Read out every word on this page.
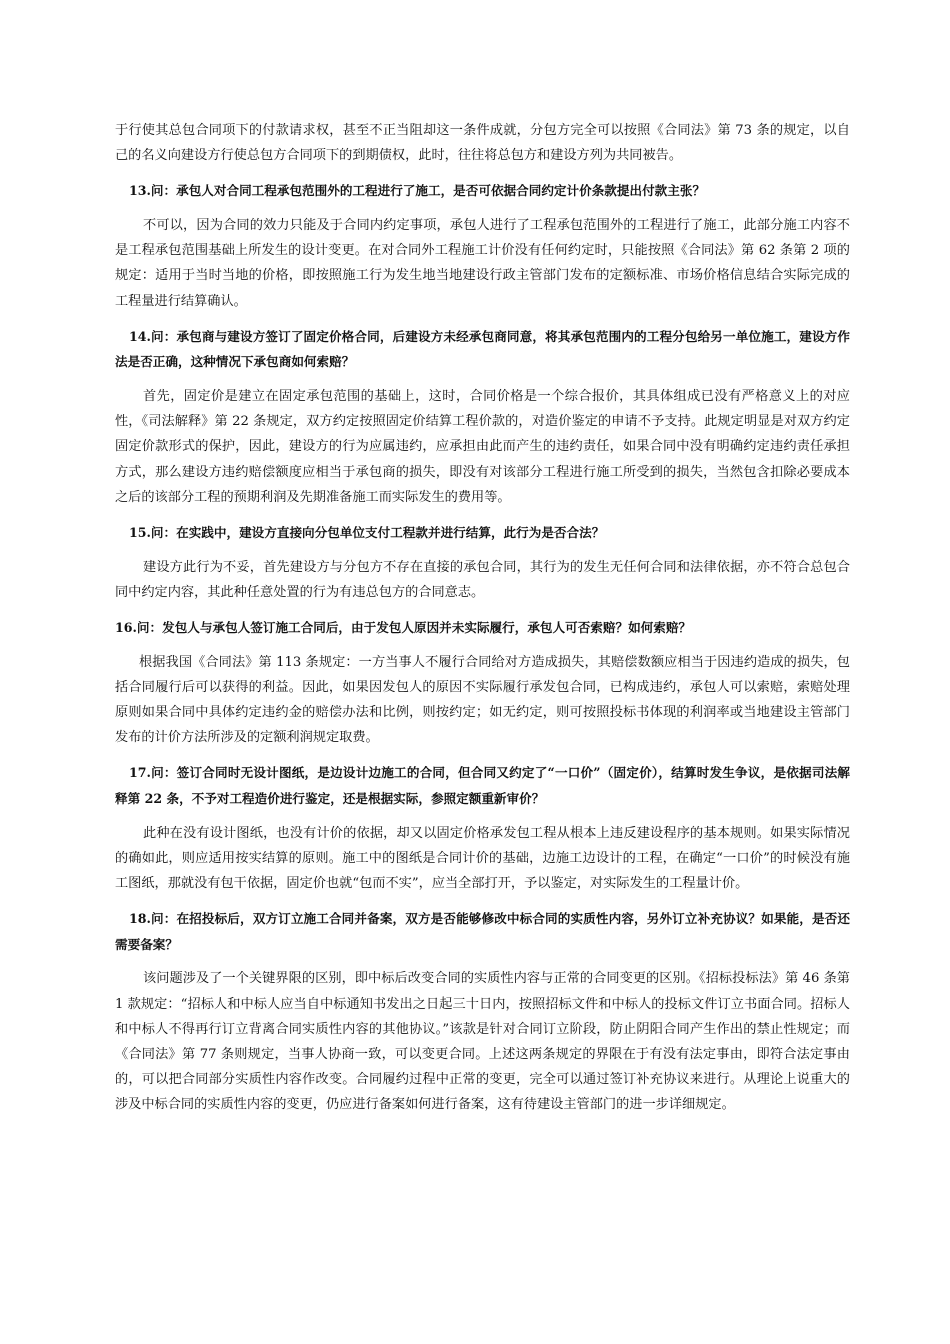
于行使其总包合同项下的付款请求权，甚至不正当阻却这一条件成就，分包方完全可以按照《合同法》第 73 条的规定，以自己的名义向建设方行使总包方合同项下的到期债权，此时，往往将总包方和建设方列为共同被告。

13.问：承包人对合同工程承包范围外的工程进行了施工，是否可依据合同约定计价条款提出付款主张？

不可以，因为合同的效力只能及于合同内约定事项，承包人进行了工程承包范围外的工程进行了施工，此部分施工内容不是工程承包范围基础上所发生的设计变更。在对合同外工程施工计价没有任何约定时，只能按照《合同法》第 62 条第 2 项的规定：适用于当时当地的价格，即按照施工行为发生地当地建设行政主管部门发布的定额标准、市场价格信息结合实际完成的工程量进行结算确认。

14.问：承包商与建设方签订了固定价格合同，后建设方未经承包商同意，将其承包范围内的工程分包给另一单位施工，建设方作法是否正确，这种情况下承包商如何索赔？

首先，固定价是建立在固定承包范围的基础上，这时，合同价格是一个综合报价，其具体组成已没有严格意义上的对应性，《司法解释》第 22 条规定，双方约定按照固定价结算工程价款的，对造价鉴定的申请不予支持。此规定明显是对双方约定固定价款形式的保护，因此，建设方的行为应属违约，应承担由此而产生的违约责任，如果合同中没有明确约定违约责任承担方式，那么建设方违约赔偿额度应相当于承包商的损失，即没有对该部分工程进行施工所受到的损失，当然包含扣除必要成本之后的该部分工程的预期利润及先期准备施工而实际发生的费用等。

15.问：在实践中，建设方直接向分包单位支付工程款并进行结算，此行为是否合法？

建设方此行为不妥，首先建设方与分包方不存在直接的承包合同，其行为的发生无任何合同和法律依据，亦不符合总包合同中约定内容，其此种任意处置的行为有违总包方的合同意志。

16.问：发包人与承包人签订施工合同后，由于发包人原因并未实际履行，承包人可否索赔？如何索赔？

根据我国《合同法》第 113 条规定：一方当事人不履行合同给对方造成损失，其赔偿数额应相当于因违约造成的损失，包括合同履行后可以获得的利益。因此，如果因发包人的原因不实际履行承发包合同，已构成违约，承包人可以索赔，索赔处理原则如果合同中具体约定违约金的赔偿办法和比例，则按约定；如无约定，则可按照投标书体现的利润率或当地建设主管部门发布的计价方法所涉及的定额利润规定取费。

17.问：签订合同时无设计图纸，是边设计边施工的合同，但合同又约定了“一口价”（固定价），结算时发生争议，是依据司法解释第 22 条，不予对工程造价进行鉴定，还是根据实际，参照定额重新审价？

此种在没有设计图纸，也没有计价的依据，却又以固定价格承发包工程从根本上违反建设程序的基本规则。如果实际情况的确如此，则应适用按实结算的原则。施工中的图纸是合同计价的基础，边施工边设计的工程，在确定“一口价”的时候没有施工图纸，那就没有包干依据，固定价也就“包而不实”，应当全部打开，予以鉴定，对实际发生的工程量计价。

18.问：在招投标后，双方订立施工合同并备案，双方是否能够修改中标合同的实质性内容，另外订立补充协议？如果能，是否还需要备案？

该问题涉及了一个关键界限的区别，即中标后改变合同的实质性内容与正常的合同变更的区别。《招标投标法》第 46 条第 1 款规定：“招标人和中标人应当自中标通知书发出之日起三十日内，按照招标文件和中标人的投标文件订立书面合同。招标人和中标人不得再行订立背离合同实质性内容的其他协议。”该款是针对合同订立阶段，防止阴阳合同产生作出的禁止性规定；而《合同法》第 77 条则规定，当事人协商一致，可以变更合同。上述这两条规定的界限在于有没有法定事由，即符合法定事由的，可以把合同部分实质性内容作改变。合同履约过程中正常的变更，完全可以通过签订补充协议来进行。从理论上说重大的涉及中标合同的实质性内容的变更，仍应进行备案如何进行备案，这有待建设主管部门的进一步详细规定。
